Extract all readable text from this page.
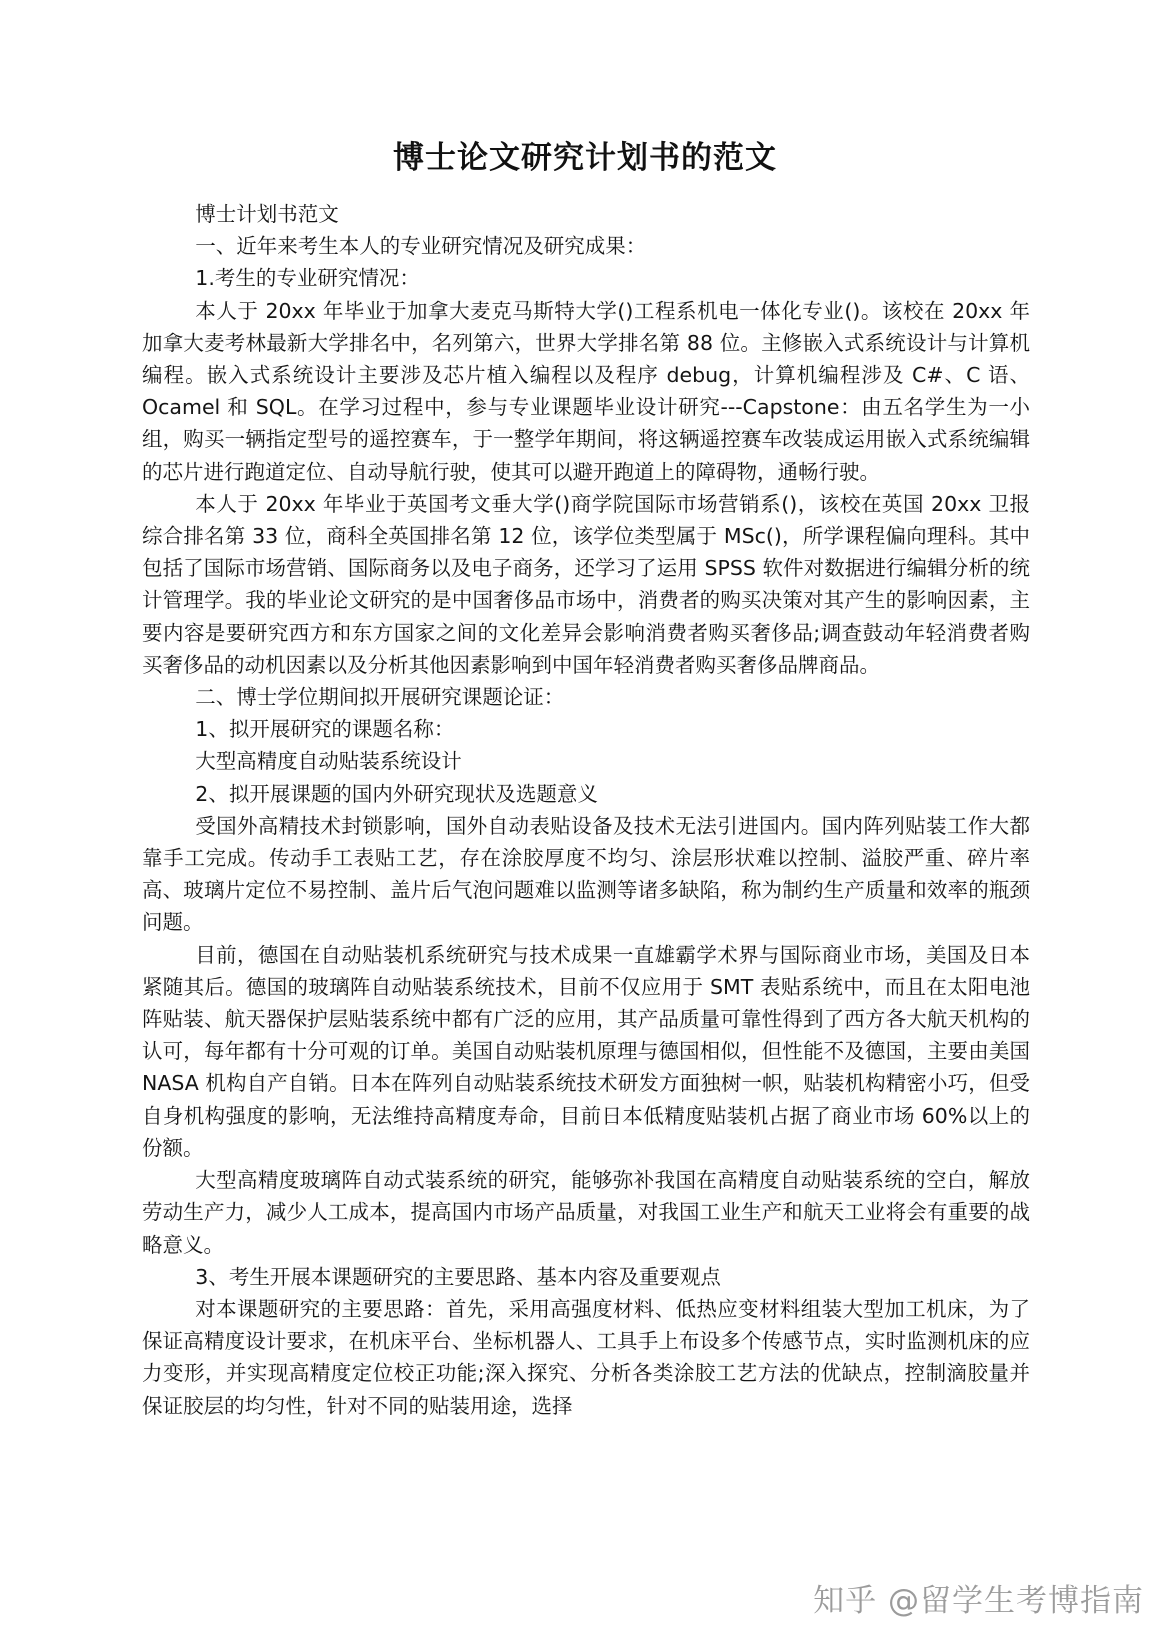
博士论文研究计划书的范文

博士计划书范文

一、近年来考生本人的专业研究情况及研究成果：

1.考生的专业研究情况：

本人于 20xx 年毕业于加拿大麦克马斯特大学()工程系机电一体化专业()。该校在 20xx 年加拿大麦考林最新大学排名中，名列第六，世界大学排名第 88 位。主修嵌入式系统设计与计算机编程。嵌入式系统设计主要涉及芯片植入编程以及程序 debug，计算机编程涉及 C#、C 语、Ocamel 和 SQL。在学习过程中，参与专业课题毕业设计研究---Capstone：由五名学生为一小组，购买一辆指定型号的遥控赛车，于一整学年期间，将这辆遥控赛车改装成运用嵌入式系统编辑的芯片进行跑道定位、自动导航行驶，使其可以避开跑道上的障碍物，通畅行驶。

本人于 20xx 年毕业于英国考文垂大学()商学院国际市场营销系()，该校在英国 20xx 卫报综合排名第 33 位，商科全英国排名第 12 位，该学位类型属于 MSc()，所学课程偏向理科。其中包括了国际市场营销、国际商务以及电子商务，还学习了运用 SPSS 软件对数据进行编辑分析的统计管理学。我的毕业论文研究的是中国奢侈品市场中，消费者的购买决策对其产生的影响因素，主要内容是要研究西方和东方国家之间的文化差异会影响消费者购买奢侈品;调查鼓动年轻消费者购买奢侈品的动机因素以及分析其他因素影响到中国年轻消费者购买奢侈品牌商品。

二、博士学位期间拟开展研究课题论证：

1、拟开展研究的课题名称：

大型高精度自动贴装系统设计

2、拟开展课题的国内外研究现状及选题意义

受国外高精技术封锁影响，国外自动表贴设备及技术无法引进国内。国内阵列贴装工作大都靠手工完成。传动手工表贴工艺，存在涂胶厚度不均匀、涂层形状难以控制、溢胶严重、碎片率高、玻璃片定位不易控制、盖片后气泡问题难以监测等诸多缺陷，称为制约生产质量和效率的瓶颈问题。

目前，德国在自动贴装机系统研究与技术成果一直雄霸学术界与国际商业市场，美国及日本紧随其后。德国的玻璃阵自动贴装系统技术，目前不仅应用于 SMT 表贴系统中，而且在太阳电池阵贴装、航天器保护层贴装系统中都有广泛的应用，其产品质量可靠性得到了西方各大航天机构的认可，每年都有十分可观的订单。美国自动贴装机原理与德国相似，但性能不及德国，主要由美国 NASA 机构自产自销。日本在阵列自动贴装系统技术研发方面独树一帜，贴装机构精密小巧，但受自身机构强度的影响，无法维持高精度寿命，目前日本低精度贴装机占据了商业市场 60%以上的份额。

大型高精度玻璃阵自动式装系统的研究，能够弥补我国在高精度自动贴装系统的空白，解放劳动生产力，减少人工成本，提高国内市场产品质量，对我国工业生产和航天工业将会有重要的战略意义。

3、考生开展本课题研究的主要思路、基本内容及重要观点

对本课题研究的主要思路：首先，采用高强度材料、低热应变材料组装大型加工机床，为了保证高精度设计要求，在机床平台、坐标机器人、工具手上布设多个传感节点，实时监测机床的应力变形，并实现高精度定位校正功能;深入探究、分析各类涂胶工艺方法的优缺点，控制滴胶量并保证胶层的均匀性，针对不同的贴装用途，选择

知乎 @留学生考博指南
